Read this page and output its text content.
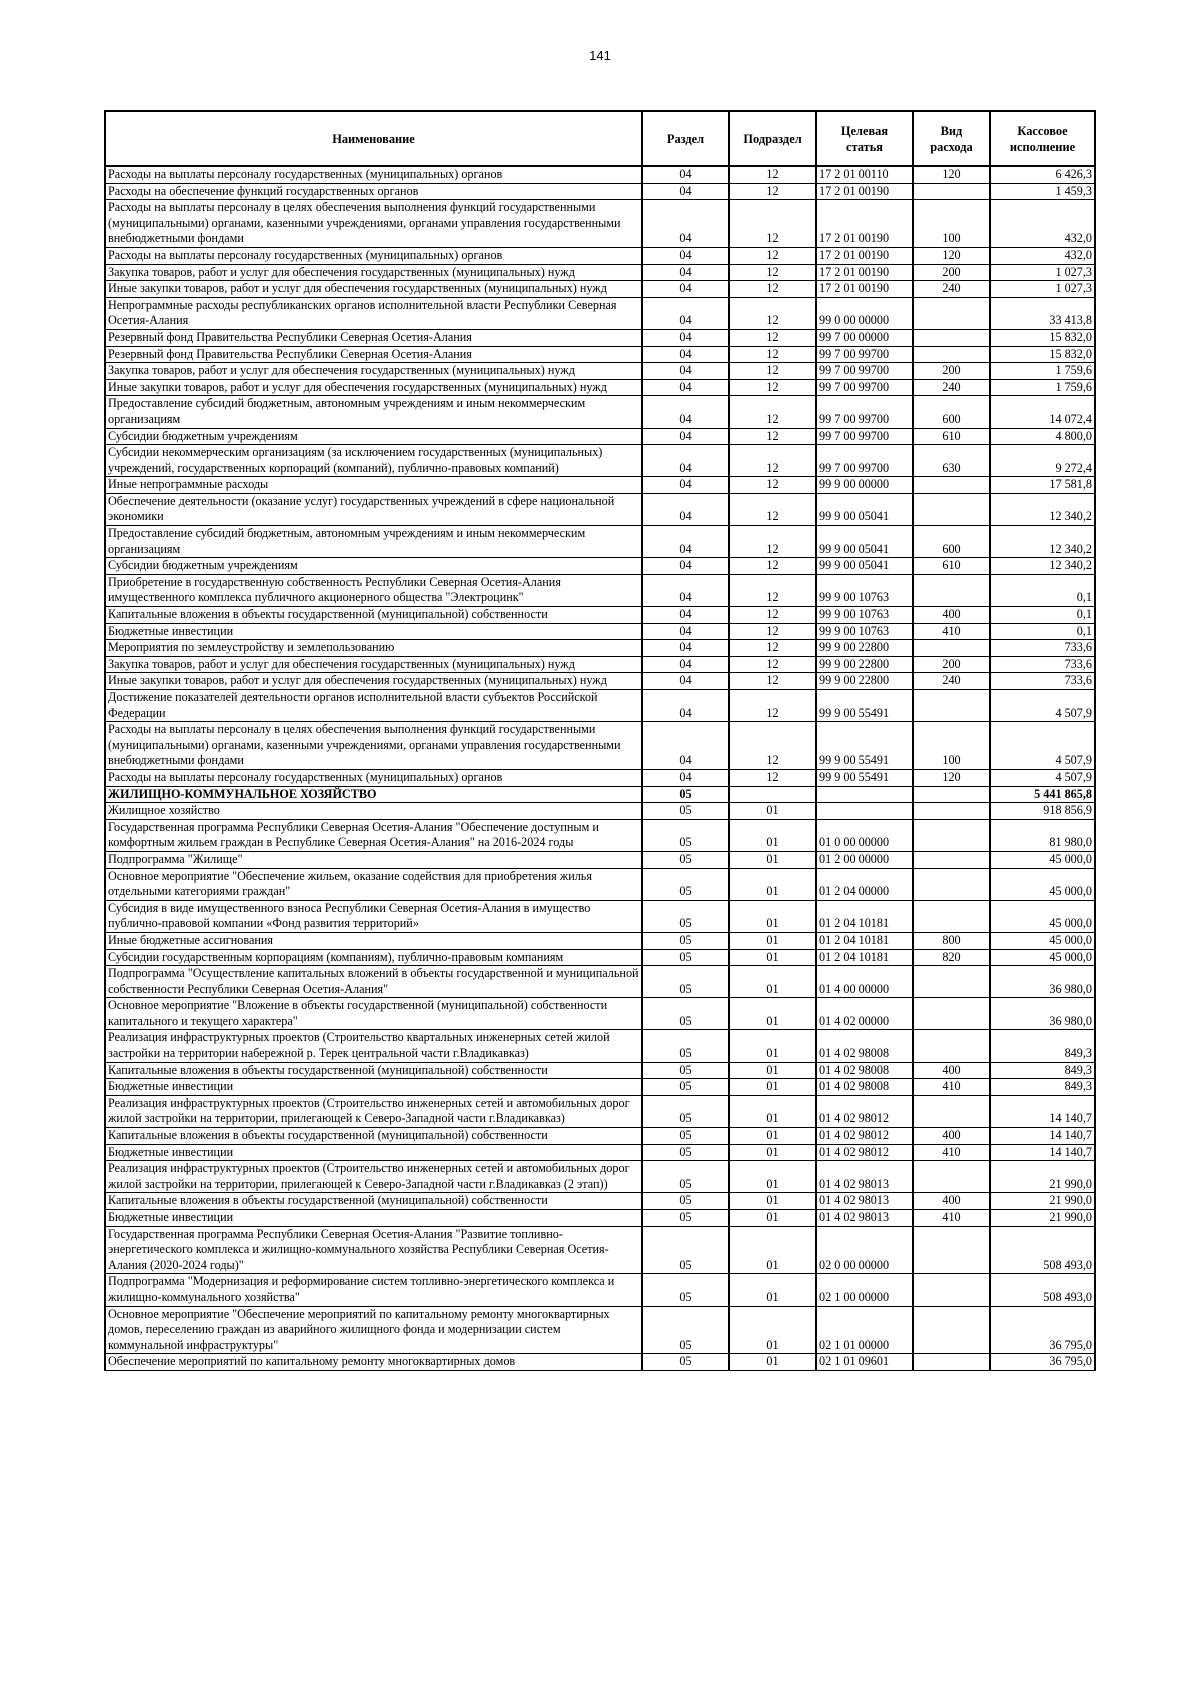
141
Наименование	Раздел	Подраздел	Целевая статья	Вид расхода	Кассовое исполнение
Расходы на выплаты персоналу государственных (муниципальных) органов	04	12	17 2 01 00110	120	6 426,3
Расходы на обеспечение функций государственных органов	04	12	17 2 01 00190		1 459,3
Расходы на выплаты персоналу в целях обеспечения выполнения функций государственными (муниципальными) органами, казенными учреждениями, органами управления государственными внебюджетными фондами	04	12	17 2 01 00190	100	432,0
Расходы на выплаты персоналу государственных (муниципальных) органов	04	12	17 2 01 00190	120	432,0
Закупка товаров, работ и услуг для обеспечения государственных (муниципальных) нужд	04	12	17 2 01 00190	200	1 027,3
Иные закупки товаров, работ и услуг для обеспечения государственных (муниципальных) нужд	04	12	17 2 01 00190	240	1 027,3
Непрограммные расходы республиканских органов исполнительной власти Республики Северная Осетия-Алания	04	12	99 0 00 00000		33 413,8
Резервный фонд Правительства Республики Северная Осетия-Алания	04	12	99 7 00 00000		15 832,0
Резервный фонд Правительства Республики Северная Осетия-Алания	04	12	99 7 00 99700		15 832,0
Закупка товаров, работ и услуг для обеспечения государственных (муниципальных) нужд	04	12	99 7 00 99700	200	1 759,6
Иные закупки товаров, работ и услуг для обеспечения государственных (муниципальных) нужд	04	12	99 7 00 99700	240	1 759,6
Предоставление субсидий бюджетным, автономным учреждениям и иным некоммерческим организациям	04	12	99 7 00 99700	600	14 072,4
Субсидии бюджетным учреждениям	04	12	99 7 00 99700	610	4 800,0
Субсидии некоммерческим организациям (за исключением государственных (муниципальных) учреждений, государственных корпораций (компаний), публично-правовых компаний)	04	12	99 7 00 99700	630	9 272,4
Иные непрограммные расходы	04	12	99 9 00 00000		17 581,8
Обеспечение деятельности (оказание услуг) государственных учреждений в сфере национальной экономики	04	12	99 9 00 05041		12 340,2
Предоставление субсидий бюджетным, автономным учреждениям и иным некоммерческим организациям	04	12	99 9 00 05041	600	12 340,2
Субсидии бюджетным учреждениям	04	12	99 9 00 05041	610	12 340,2
Приобретение в государственную собственность Республики Северная Осетия-Алания имущественного комплекса публичного акционерного общества "Электроцинк"	04	12	99 9 00 10763		0,1
Капитальные вложения в объекты государственной (муниципальной) собственности	04	12	99 9 00 10763	400	0,1
Бюджетные инвестиции	04	12	99 9 00 10763	410	0,1
Мероприятия по землеустройству и землепользованию	04	12	99 9 00 22800		733,6
Закупка товаров, работ и услуг для обеспечения государственных (муниципальных) нужд	04	12	99 9 00 22800	200	733,6
Иные закупки товаров, работ и услуг для обеспечения государственных (муниципальных) нужд	04	12	99 9 00 22800	240	733,6
Достижение показателей деятельности органов исполнительной власти субъектов Российской Федерации	04	12	99 9 00 55491		4 507,9
Расходы на выплаты персоналу в целях обеспечения выполнения функций государственными (муниципальными) органами, казенными учреждениями, органами управления государственными внебюджетными фондами	04	12	99 9 00 55491	100	4 507,9
Расходы на выплаты персоналу государственных (муниципальных) органов	04	12	99 9 00 55491	120	4 507,9
ЖИЛИЩНО-КОММУНАЛЬНОЕ ХОЗЯЙСТВО	05				5 441 865,8
Жилищное хозяйство	05	01			918 856,9
Государственная программа Республики Северная Осетия-Алания "Обеспечение доступным и комфортным жильем граждан в Республике Северная Осетия-Алания" на 2016-2024 годы	05	01	01 0 00 00000		81 980,0
Подпрограмма "Жилище"	05	01	01 2 00 00000		45 000,0
Основное мероприятие "Обеспечение жильем, оказание содействия для приобретения жилья отдельными категориями граждан"	05	01	01 2 04 00000		45 000,0
Субсидия в виде имущественного взноса Республики Северная Осетия-Алания в имущество публично-правовой компании «Фонд развития территорий»	05	01	01 2 04 10181		45 000,0
Иные бюджетные ассигнования	05	01	01 2 04 10181	800	45 000,0
Субсидии государственным корпорациям (компаниям), публично-правовым компаниям	05	01	01 2 04 10181	820	45 000,0
Подпрограмма "Осуществление капитальных вложений в объекты государственной и муниципальной собственности Республики Северная Осетия-Алания"	05	01	01 4 00 00000		36 980,0
Основное мероприятие "Вложение в объекты государственной (муниципальной) собственности капитального и текущего характера"	05	01	01 4 02 00000		36 980,0
Реализация инфраструктурных проектов (Строительство квартальных инженерных сетей жилой застройки на территории набережной р. Терек центральной части г.Владикавказ)	05	01	01 4 02 98008		849,3
Капитальные вложения в объекты государственной (муниципальной) собственности	05	01	01 4 02 98008	400	849,3
Бюджетные инвестиции	05	01	01 4 02 98008	410	849,3
Реализация инфраструктурных проектов (Строительство инженерных сетей и автомобильных дорог жилой застройки на территории, прилегающей к Северо-Западной части г.Владикавказ)	05	01	01 4 02 98012		14 140,7
Капитальные вложения в объекты государственной (муниципальной) собственности	05	01	01 4 02 98012	400	14 140,7
Бюджетные инвестиции	05	01	01 4 02 98012	410	14 140,7
Реализация инфраструктурных проектов (Строительство инженерных сетей и автомобильных дорог жилой застройки на территории, прилегающей к Северо-Западной части г.Владикавказ (2 этап))	05	01	01 4 02 98013		21 990,0
Капитальные вложения в объекты государственной (муниципальной) собственности	05	01	01 4 02 98013	400	21 990,0
Бюджетные инвестиции	05	01	01 4 02 98013	410	21 990,0
Государственная программа Республики Северная Осетия-Алания "Развитие топливно-энергетического комплекса и жилищно-коммунального хозяйства Республики Северная Осетия-Алания (2020-2024 годы)"	05	01	02 0 00 00000		508 493,0
Подпрограмма "Модернизация и реформирование систем топливно-энергетического комплекса и жилищно-коммунального хозяйства"	05	01	02 1 00 00000		508 493,0
Основное мероприятие "Обеспечение мероприятий по капитальному ремонту многоквартирных домов, переселению граждан из аварийного жилищного фонда и модернизации систем коммунальной инфраструктуры"	05	01	02 1 01 00000		36 795,0
Обеспечение мероприятий по капитальному ремонту многоквартирных домов	05	01	02 1 01 09601		36 795,0
